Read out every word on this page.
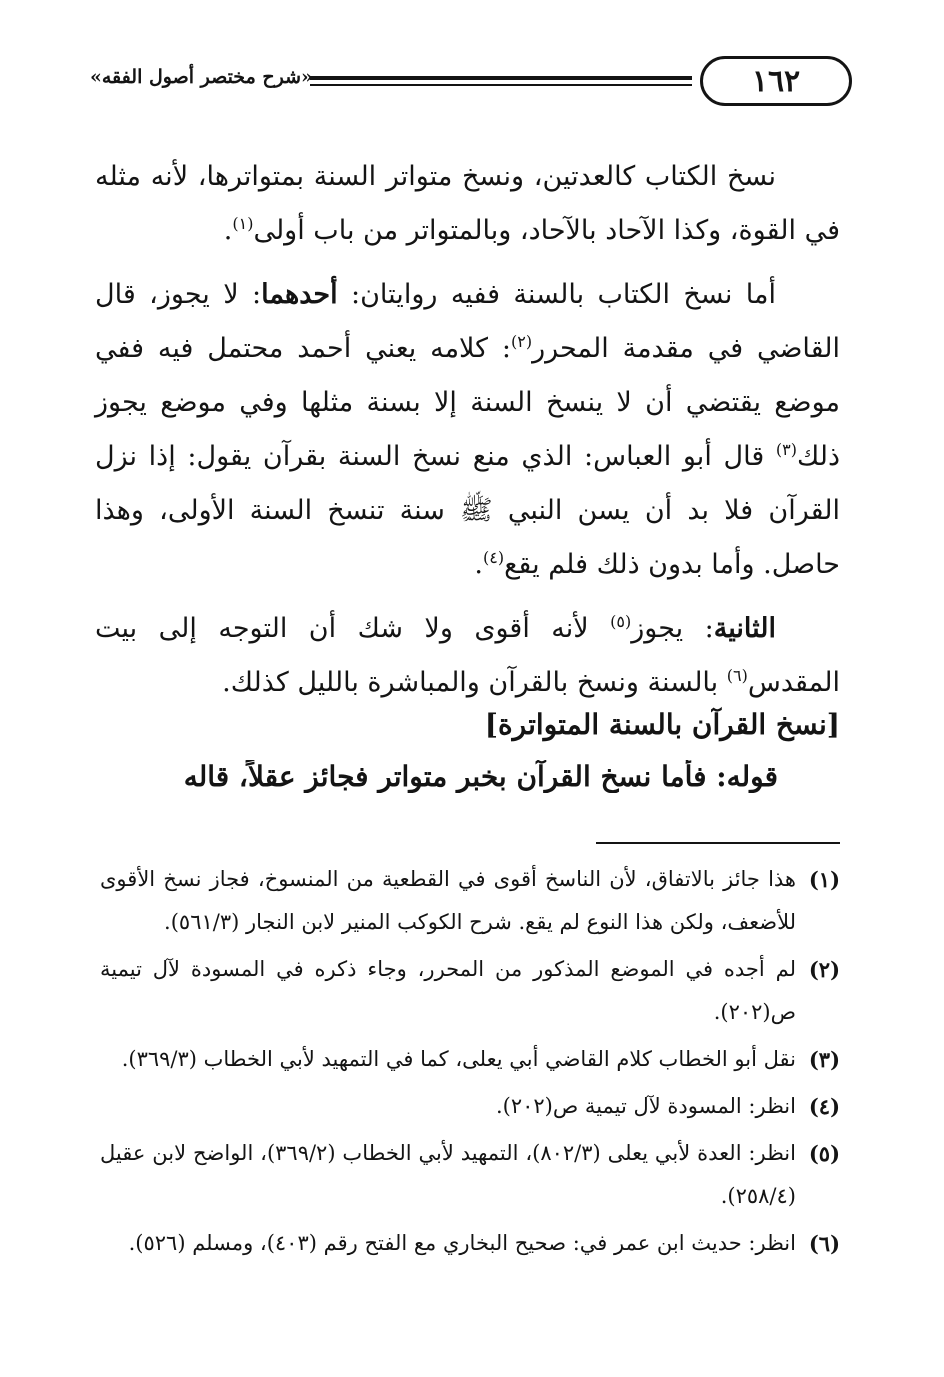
١٦٢
«شرح مختصر أصول الفقه»

نسخ الكتاب كالعدتين، ونسخ متواتر السنة بمتواترها، لأنه مثله في القوة، وكذا الآحاد بالآحاد، وبالمتواتر من باب أولى$^{(١)}$.

أما نسخ الكتاب بالسنة ففيه روايتان: أحدهما: لا يجوز، قال القاضي في مقدمة المحرر$^{(٢)}$: كلامه يعني أحمد محتمل فيه ففي موضع يقتضي أن لا ينسخ السنة إلا بسنة مثلها وفي موضع يجوز ذلك$^{(٣)}$ قال أبو العباس: الذي منع نسخ السنة بقرآن يقول: إذا نزل القرآن فلا بد أن يسن النبي ﷺ سنة تنسخ السنة الأولى، وهذا حاصل. وأما بدون ذلك فلم يقع$^{(٤)}$.

الثانية: يجوز$^{(٥)}$ لأنه أقوى ولا شك أن التوجه إلى بيت المقدس$^{(٦)}$ بالسنة ونسخ بالقرآن والمباشرة بالليل كذلك.

[نسخ القرآن بالسنة المتواترة]
قوله: فأما نسخ القرآن بخبر متواتر فجائز عقلاً، قاله
(١)
هذا جائز بالاتفاق، لأن الناسخ أقوى في القطعية من المنسوخ، فجاز نسخ الأقوى للأضعف، ولكن هذا النوع لم يقع. شرح الكوكب المنير لابن النجار (٥٦١/٣).
(٢)
لم أجده في الموضع المذكور من المحرر، وجاء ذكره في المسودة لآل تيمية ص(٢٠٢).
(٣)
نقل أبو الخطاب كلام القاضي أبي يعلى، كما في التمهيد لأبي الخطاب (٣٦٩/٣).
(٤)
انظر: المسودة لآل تيمية ص(٢٠٢).
(٥)
انظر: العدة لأبي يعلى (٨٠٢/٣)، التمهيد لأبي الخطاب (٣٦٩/٢)، الواضح لابن عقيل (٢٥٨/٤).
(٦)
انظر: حديث ابن عمر في: صحيح البخاري مع الفتح رقم (٤٠٣)، ومسلم (٥٢٦).
